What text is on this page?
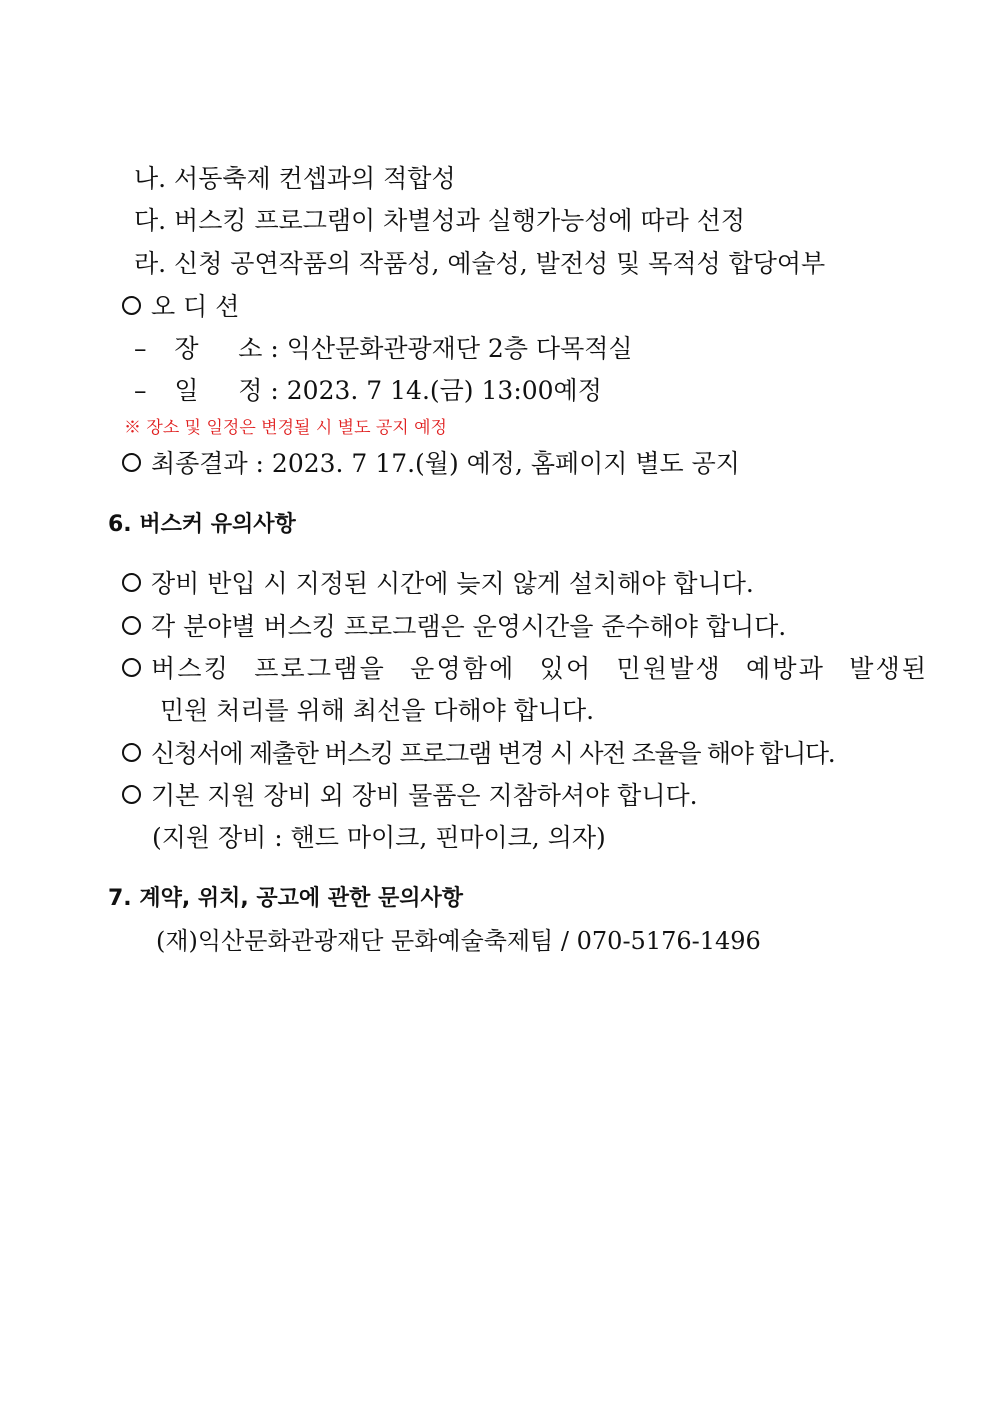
나. 서동축제 컨셉과의 적합성
다. 버스킹 프로그램이 차별성과 실행가능성에 따라 선정
라. 신청 공연작품의 작품성, 예술성, 발전성 및 목적성 합당여부
오 디 션
– 장     소 : 익산문화관광재단 2층 다목적실
– 일     정 : 2023. 7 14.(금) 13:00예정
※ 장소 및 일정은 변경될 시 별도 공지 예정
최종결과 : 2023. 7 17.(월) 예정, 홈페이지 별도 공지
6. 버스커 유의사항
장비 반입 시 지정된 시간에 늦지 않게 설치해야 합니다.
각 분야별 버스킹 프로그램은 운영시간을 준수해야 합니다.
버스킹 프로그램을 운영함에 있어 민원발생 예방과 발생된
민원 처리를 위해 최선을 다해야 합니다.
신청서에 제출한 버스킹 프로그램 변경 시 사전 조율을 해야 합니다.
기본 지원 장비 외 장비 물품은 지참하셔야 합니다.
(지원 장비 : 핸드 마이크, 핀마이크, 의자)
7. 계약, 위치, 공고에 관한 문의사항
(재)익산문화관광재단 문화예술축제팀 / 070-5176-1496
